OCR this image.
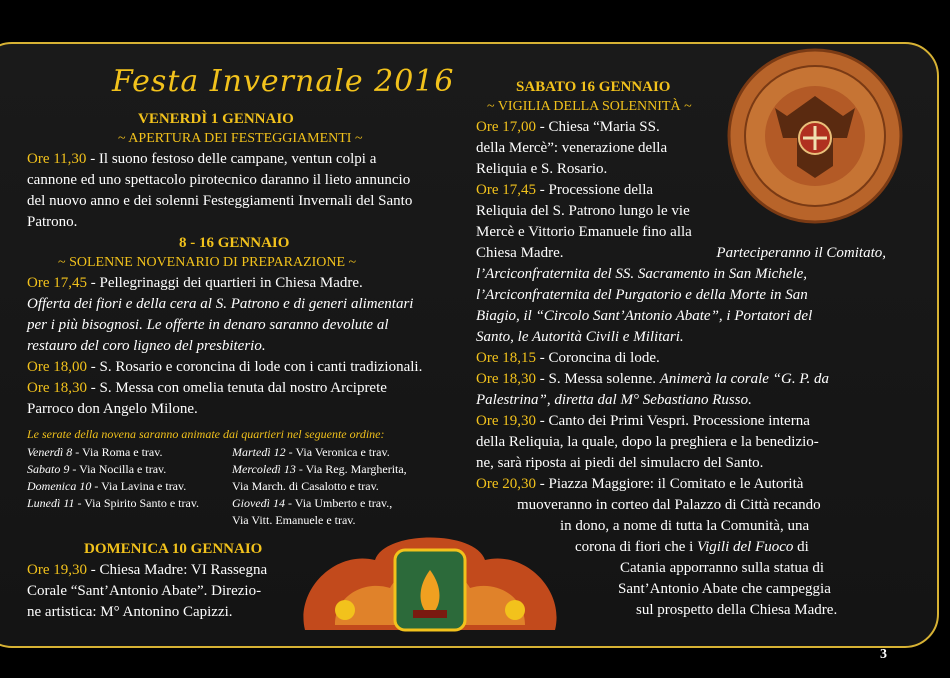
Festa Invernale 2016
VENERDÌ 1 GENNAIO
~ APERTURA DEI FESTEGGIAMENTI ~
Ore 11,30 - Il suono festoso delle campane, ventun colpi a
cannone ed uno spettacolo pirotecnico daranno il lieto annuncio
del nuovo anno e dei solenni Festeggiamenti Invernali del Santo
Patrono.
8 - 16 GENNAIO
~ SOLENNE NOVENARIO DI PREPARAZIONE ~
Ore 17,45 - Pellegrinaggi dei quartieri in Chiesa Madre.
Offerta dei fiori e della cera al S. Patrono e di generi alimentari
per i più bisognosi. Le offerte in denaro saranno devolute al
restauro del coro ligneo del presbiterio.
Ore 18,00 - S. Rosario e coroncina di lode con i canti tradizionali.
Ore 18,30 - S. Messa con omelia tenuta dal nostro Arciprete
Parroco don Angelo Milone.
Le serate della novena saranno animate dai quartieri nel seguente ordine:
Venerdì 8 - Via Roma e trav.
Sabato 9 - Via Nocilla e trav.
Domenica 10 - Via Lavina e trav.
Lunedì 11 - Via Spirito Santo e trav.
Martedì 12 - Via Veronica e trav.
Mercoledì 13 - Via Reg. Margherita,
Via March. di Casalotto e trav.
Giovedì 14 - Via Umberto e trav.,
Via Vitt. Emanuele e trav.
DOMENICA 10 GENNAIO
Ore 19,30 - Chiesa Madre: VI Rassegna
Corale “Sant’Antonio Abate”. Direzio-
ne artistica: M° Antonino Capizzi.
SABATO 16 GENNAIO
~ VIGILIA DELLA SOLENNITÀ ~
Ore 17,00 - Chiesa “Maria SS.
della Mercè”: venerazione della
Reliquia e S. Rosario.
Ore 17,45 - Processione della
Reliquia del S. Patrono lungo le vie
Mercè e Vittorio Emanuele fino alla
Chiesa Madre.	Parteciperanno il Comitato,
l’Arciconfraternita del SS. Sacramento in San Michele,
l’Arciconfraternita del Purgatorio e della Morte in San
Biagio, il “Circolo Sant’Antonio Abate”, i Portatori del
Santo, le Autorità Civili e Militari.
Ore 18,15 - Coroncina di lode.
Ore 18,30 - S. Messa solenne. Animerà la corale “G. P. da
Palestrina”, diretta dal M° Sebastiano Russo.
Ore 19,30 - Canto dei Primi Vespri. Processione interna
della Reliquia, la quale, dopo la preghiera e la benedizio-
ne, sarà riposta ai piedi del simulacro del Santo.
Ore 20,30 - Piazza Maggiore: il Comitato e le Autorità
muoveranno in corteo dal Palazzo di Città recando
in dono, a nome di tutta la Comunità, una
corona di fiori che i Vigili del Fuoco di
Catania apporranno sulla statua di
Sant’Antonio Abate che campeggia
sul prospetto della Chiesa Madre.
3
